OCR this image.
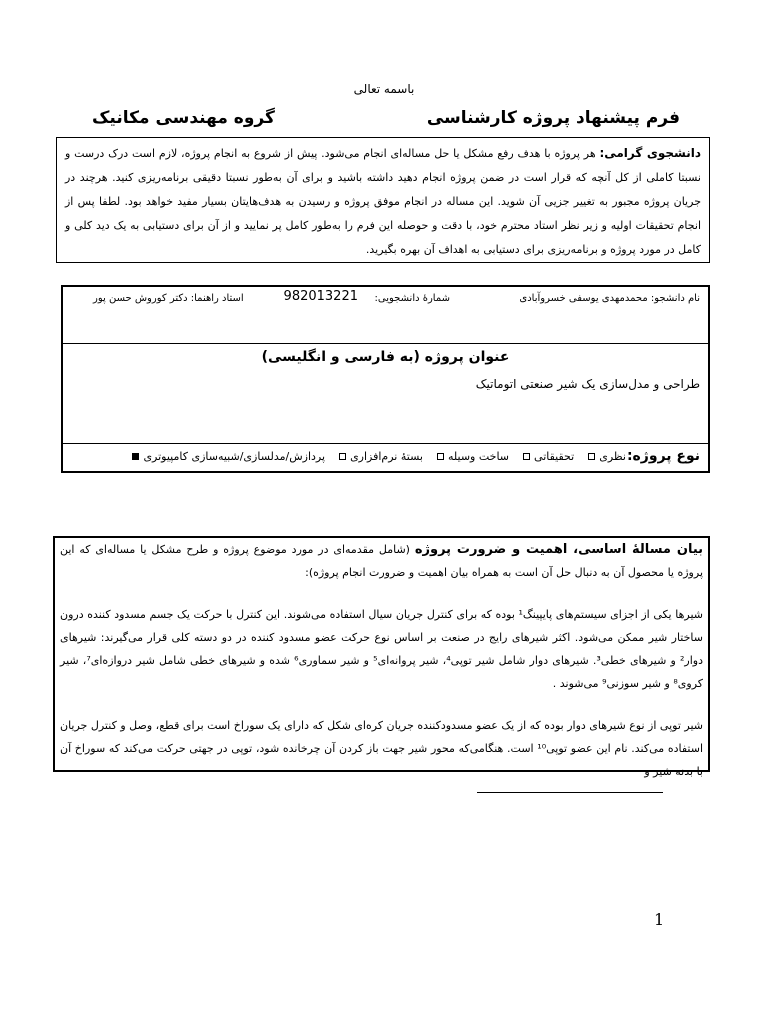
باسمه تعالی
فرم پیشنهاد پروژه کارشناسی
گروه مهندسی مکانیک

دانشجوی گرامی: هر پروژه با هدف رفع مشکل یا حل مساله‌ای انجام می‌شود. پیش از شروع به انجام پروژه، لازم است درک درست و نسبتا کاملی از کل آنچه که قرار است در ضمن پروژه انجام دهید داشته باشید و برای آن به‌طور نسبتا دقیقی برنامه‌ریزی کنید. هرچند در جریان پروژه مجبور به تغییر جزیی آن شوید. این مساله در انجام موفق پروژه و رسیدن به هدف‌هایتان بسیار مفید خواهد بود. لطفا پس از انجام تحقیقات اولیه و زیر نظر استاد محترم خود، با دقت و حوصله این فرم را به‌طور کامل پر نمایید و از آن برای دستیابی به یک دید کلی و کامل در مورد پروژه و برنامه‌ریزی برای دستیابی به اهداف آن بهره بگیرید.

نام دانشجو: محمدمهدی یوسفی خسروآبادی
شمارهٔ دانشجویی:
982013221
استاد راهنما: دکتر کوروش حسن پور
عنوان پروژه (به فارسی و انگلیسی)
طراحی و مدل‌سازی یک شیر صنعتی اتوماتیک
نوع پروژه:
نظری
تحقیقاتی
ساخت وسیله
بستهٔ نرم‌افزاری
پردازش/مدلسازی/شبیه‌سازی کامپیوتری

بیان مسالهٔ اساسی، اهمیت و ضرورت پروژه (شامل مقدمه‌ای در مورد موضوع پروژه و طرح مشکل یا مساله‌ای که این پروژه یا محصول آن به دنبال حل آن است به همراه بیان اهمیت و ضرورت انجام پروژه):

شیرها یکی از اجزای سیستم‌های پایپینگ¹ بوده که برای کنترل جریان سیال استفاده می‌شوند. این کنترل با حرکت یک جسم مسدود کننده درون ساختار شیر ممکن می‌شود. اکثر شیرهای رایج در صنعت بر اساس نوع حرکت عضو مسدود کننده در دو دسته کلی قرار می‌گیرند: شیرهای دوار² و شیرهای خطی³. شیرهای دوار شامل شیر توپی⁴، شیر پروانه‌ای⁵ و شیر سماوری⁶ شده و شیرهای خطی شامل شیر دروازه‌ای⁷، شیر کروی⁸ و شیر سوزنی⁹ می‌شوند .

شیر توپی از نوع شیرهای دوار بوده که از یک عضو مسدودکننده جریان کره‌ای شکل که دارای یک سوراخ است برای قطع، وصل و کنترل جریان استفاده می‌کند. نام این عضو توپی¹⁰ است. هنگامی‌که محور شیر جهت باز کردن آن چرخانده شود، توپی در جهتی حرکت می‌کند که سوراخ آن با بدنه شیر و

1
